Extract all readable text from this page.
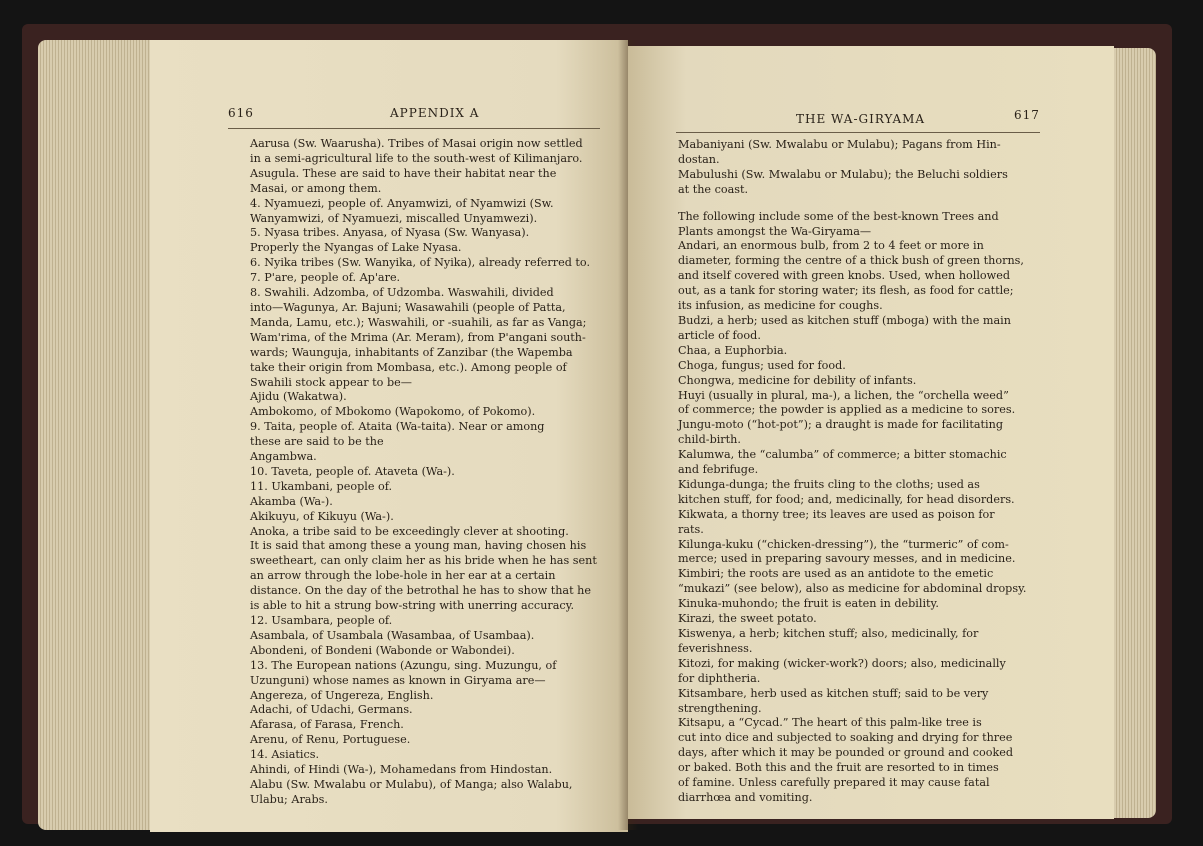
616	APPENDIX A

Aarusa (Sw. Waarusha). Tribes of Masai origin now settled

in a semi-agricultural life to the south-west of Kilimanjaro.

Asugula. These are said to have their habitat near the

Masai, or among them.

4. Nyamuezi, people of. Anyamwizi, of Nyamwizi (Sw.

Wanyamwizi, of Nyamuezi, miscalled Unyamwezi).

5. Nyasa tribes. Anyasa, of Nyasa (Sw. Wanyasa).

Properly the Nyangas of Lake Nyasa.

6. Nyika tribes (Sw. Wanyika, of Nyika), already referred to.

7. P'are, people of. Ap'are.

8. Swahili. Adzomba, of Udzomba. Waswahili, divided

into—Wagunya, Ar. Bajuni; Wasawahili (people of Patta,

Manda, Lamu, etc.); Waswahili, or -suahili, as far as Vanga;

Wam'rima, of the Mrima (Ar. Meram), from P'angani south-

wards; Waunguja, inhabitants of Zanzibar (the Wapemba

take their origin from Mombasa, etc.). Among people of

Swahili stock appear to be—

Ajidu (Wakatwa).

Ambokomo, of Mbokomo (Wapokomo, of Pokomo).

9. Taita, people of. Ataita (Wa-taita). Near or among

these are said to be the

Angambwa.

10. Taveta, people of. Ataveta (Wa-).

11. Ukambani, people of.

Akamba (Wa-).

Akikuyu, of Kikuyu (Wa-).

Anoka, a tribe said to be exceedingly clever at shooting.

It is said that among these a young man, having chosen his

sweetheart, can only claim her as his bride when he has sent

an arrow through the lobe-hole in her ear at a certain

distance. On the day of the betrothal he has to show that he

is able to hit a strung bow-string with unerring accuracy.

12. Usambara, people of.

Asambala, of Usambala (Wasambaa, of Usambaa).

Abondeni, of Bondeni (Wabonde or Wabondei).

13. The European nations (Azungu, sing. Muzungu, of

Uzunguni) whose names as known in Giryama are—

Angereza, of Ungereza, English.

Adachi, of Udachi, Germans.

Afarasa, of Farasa, French.

Arenu, of Renu, Portuguese.

14. Asiatics.

Ahindi, of Hindi (Wa-), Mohamedans from Hindostan.

Alabu (Sw. Mwalabu or Mulabu), of Manga; also Walabu,

Ulabu; Arabs.

THE WA-GIRYAMA	617

Mabaniyani (Sw. Mwalabu or Mulabu); Pagans from Hin-

dostan.

Mabulushi (Sw. Mwalabu or Mulabu); the Beluchi soldiers

at the coast.

The following include some of the best-known Trees and

Plants amongst the Wa-Giryama—

Andari, an enormous bulb, from 2 to 4 feet or more in

diameter, forming the centre of a thick bush of green thorns,

and itself covered with green knobs. Used, when hollowed

out, as a tank for storing water; its flesh, as food for cattle;

its infusion, as medicine for coughs.

Budzi, a herb; used as kitchen stuff (mboga) with the main

article of food.

Chaa, a Euphorbia.

Choga, fungus; used for food.

Chongwa, medicine for debility of infants.

Huyi (usually in plural, ma-), a lichen, the “orchella weed”

of commerce; the powder is applied as a medicine to sores.

Jungu-moto (“hot-pot”); a draught is made for facilitating

child-birth.

Kalumwa, the “calumba” of commerce; a bitter stomachic

and febrifuge.

Kidunga-dunga; the fruits cling to the cloths; used as

kitchen stuff, for food; and, medicinally, for head disorders.

Kikwata, a thorny tree; its leaves are used as poison for

rats.

Kilunga-kuku (“chicken-dressing”), the “turmeric” of com-

merce; used in preparing savoury messes, and in medicine.

Kimbiri; the roots are used as an antidote to the emetic

“mukazi” (see below), also as medicine for abdominal dropsy.

Kinuka-muhondo; the fruit is eaten in debility.

Kirazi, the sweet potato.

Kiswenya, a herb; kitchen stuff; also, medicinally, for

feverishness.

Kitozi, for making (wicker-work?) doors; also, medicinally

for diphtheria.

Kitsambare, herb used as kitchen stuff; said to be very

strengthening.

Kitsapu, a “Cycad.” The heart of this palm-like tree is

cut into dice and subjected to soaking and drying for three

days, after which it may be pounded or ground and cooked

or baked. Both this and the fruit are resorted to in times

of famine. Unless carefully prepared it may cause fatal

diarrhœa and vomiting.
